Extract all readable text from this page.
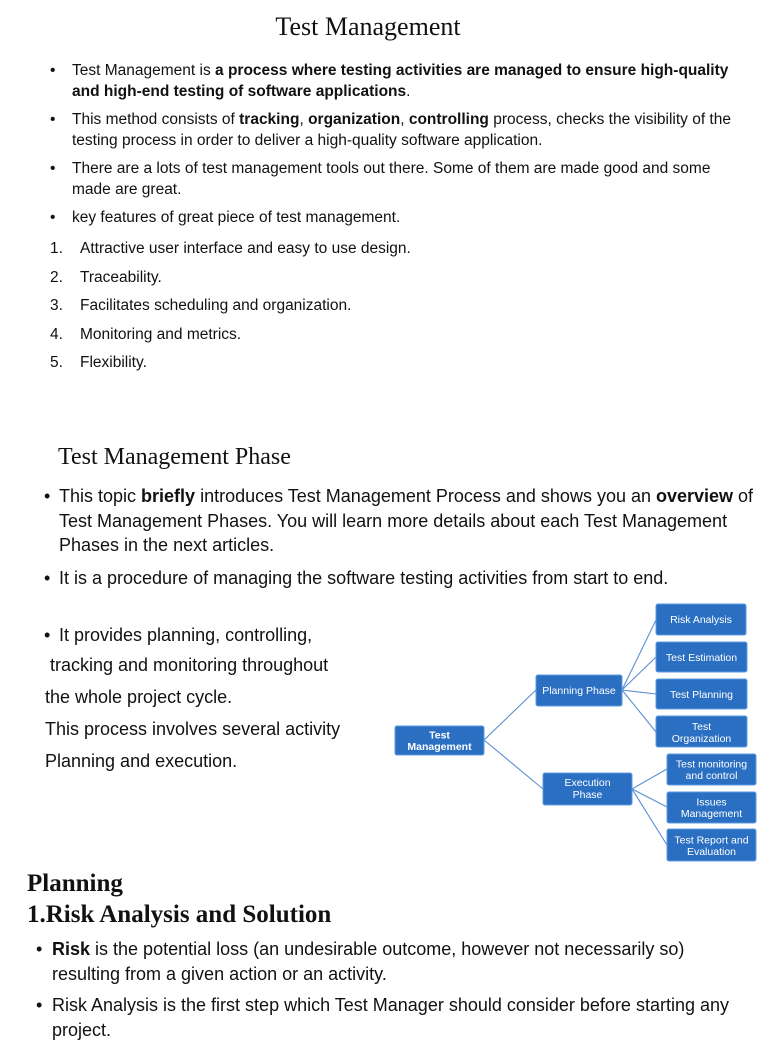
Test Management
• Test Management is a process where testing activities are managed to ensure high-quality and high-end testing of software applications.
• This method consists of tracking, organization, controlling process, checks the visibility of the testing process in order to deliver a high-quality software application.
• There are a lots of test management tools out there. Some of them are made good and some made are great.
• key features of great piece of test management.
1. Attractive user interface and easy to use design.
2. Traceability.
3. Facilitates scheduling and organization.
4. Monitoring and metrics.
5. Flexibility.
Test Management Phase
• This topic briefly introduces Test Management Process and shows you an overview of Test Management Phases. You will learn more details about each Test Management Phases in the next articles.
• It is a procedure of managing the software testing activities from start to end.
• It provides planning, controlling,
tracking and monitoring throughout
the whole project cycle.
This process involves several activity
Planning and execution.
Test Management
Planning Phase
Execution Phase
Risk Analysis
Test Estimation
Test Planning
Test Organization
Test monitoring and control
Issues Management
Test Report and Evaluation
Planning
1.Risk Analysis and Solution
• Risk is the potential loss (an undesirable outcome, however not necessarily so) resulting from a given action or an activity.
• Risk Analysis is the first step which Test Manager should consider before starting any project.
